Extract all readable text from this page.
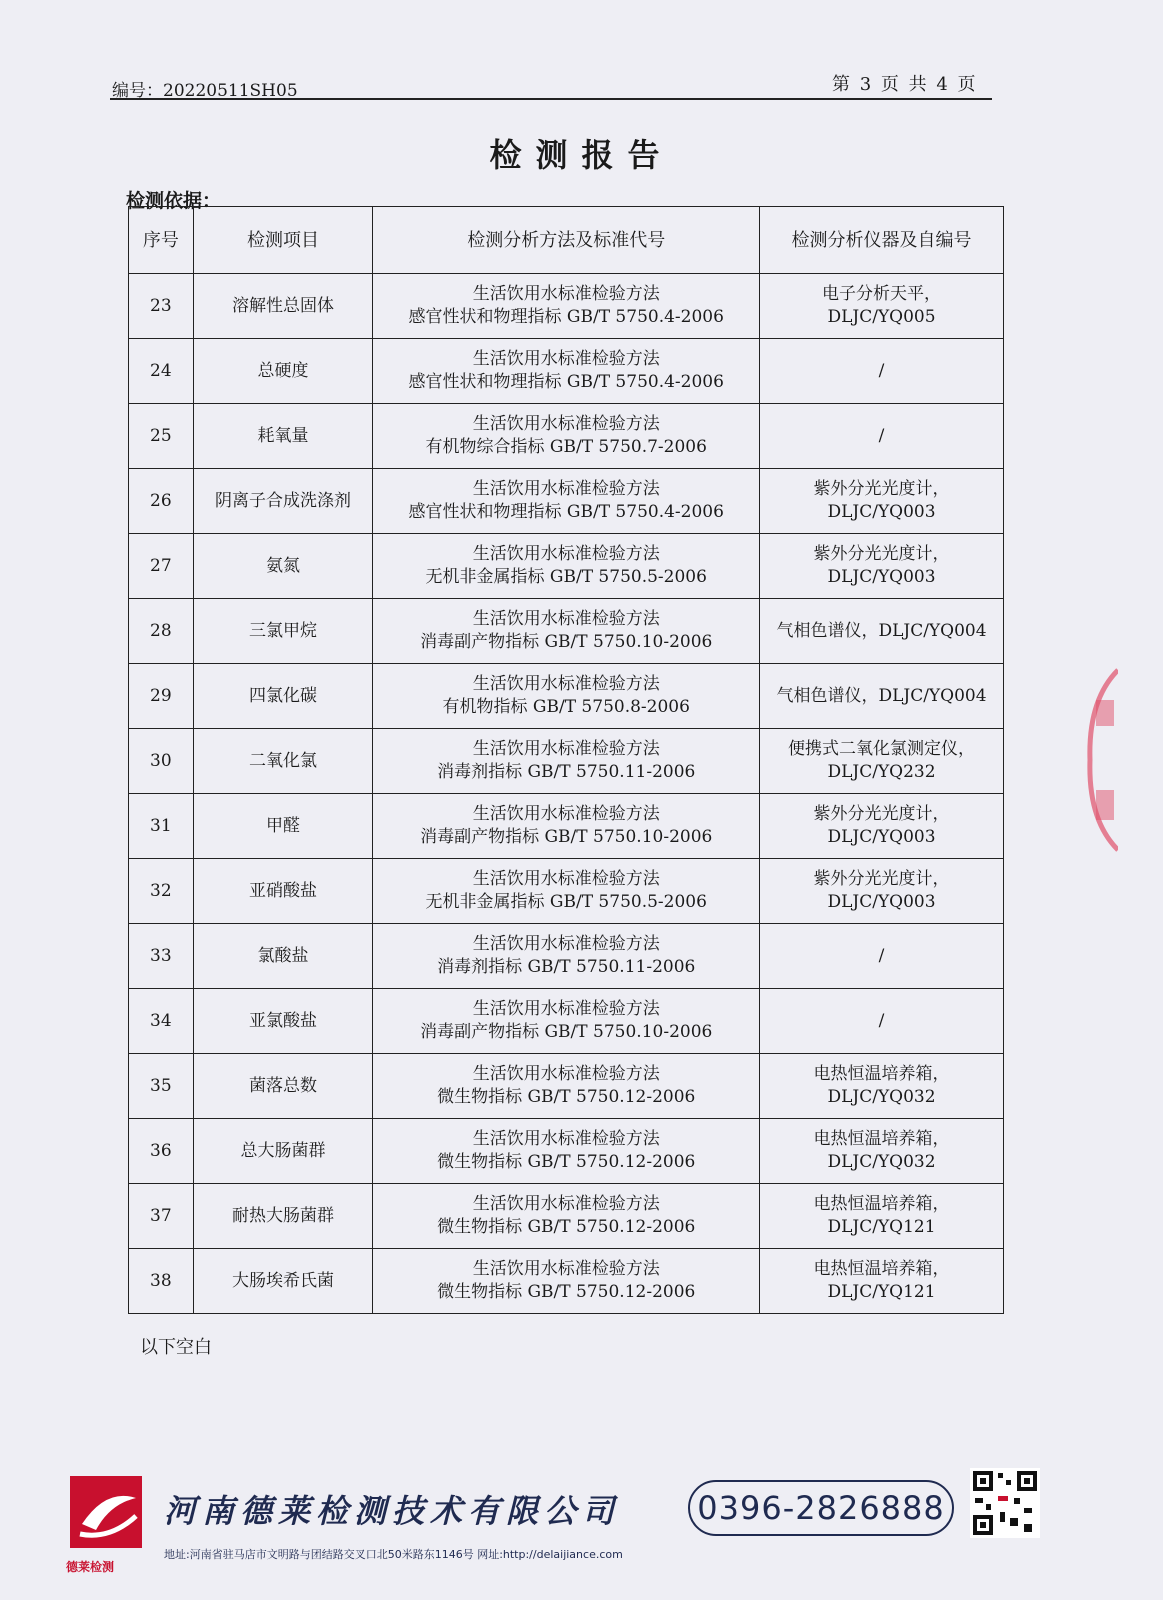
编号：20220511SH05	第 3 页 共 4 页
检测报告
检测依据：
序号	检测项目	检测分析方法及标准代号	检测分析仪器及自编号
23	溶解性总固体	生活饮用水标准检验方法
感官性状和物理指标 GB/T 5750.4-2006	电子分析天平，
DLJC/YQ005

24	总硬度	生活饮用水标准检验方法
感官性状和物理指标 GB/T 5750.4-2006	/

25	耗氧量	生活饮用水标准检验方法
有机物综合指标 GB/T 5750.7-2006	/

26	阴离子合成洗涤剂	生活饮用水标准检验方法
感官性状和物理指标 GB/T 5750.4-2006	紫外分光光度计，
DLJC/YQ003

27	氨氮	生活饮用水标准检验方法
无机非金属指标 GB/T 5750.5-2006	紫外分光光度计，
DLJC/YQ003

28	三氯甲烷	生活饮用水标准检验方法
消毒副产物指标 GB/T 5750.10-2006	气相色谱仪，DLJC/YQ004

29	四氯化碳	生活饮用水标准检验方法
有机物指标 GB/T 5750.8-2006	气相色谱仪，DLJC/YQ004

30	二氧化氯	生活饮用水标准检验方法
消毒剂指标 GB/T 5750.11-2006	便携式二氧化氯测定仪，
DLJC/YQ232

31	甲醛	生活饮用水标准检验方法
消毒副产物指标 GB/T 5750.10-2006	紫外分光光度计，
DLJC/YQ003

32	亚硝酸盐	生活饮用水标准检验方法
无机非金属指标 GB/T 5750.5-2006	紫外分光光度计，
DLJC/YQ003

33	氯酸盐	生活饮用水标准检验方法
消毒剂指标 GB/T 5750.11-2006	/

34	亚氯酸盐	生活饮用水标准检验方法
消毒副产物指标 GB/T 5750.10-2006	/

35	菌落总数	生活饮用水标准检验方法
微生物指标 GB/T 5750.12-2006	电热恒温培养箱，
DLJC/YQ032

36	总大肠菌群	生活饮用水标准检验方法
微生物指标 GB/T 5750.12-2006	电热恒温培养箱，
DLJC/YQ032

37	耐热大肠菌群	生活饮用水标准检验方法
微生物指标 GB/T 5750.12-2006	电热恒温培养箱，
DLJC/YQ121

38	大肠埃希氏菌	生活饮用水标准检验方法
微生物指标 GB/T 5750.12-2006	电热恒温培养箱，
DLJC/YQ121
以下空白
德莱检测
河南德莱检测技术有限公司
地址:河南省驻马店市文明路与团结路交叉口北50米路东1146号 网址:http://delaijiance.com
0396-2826888
